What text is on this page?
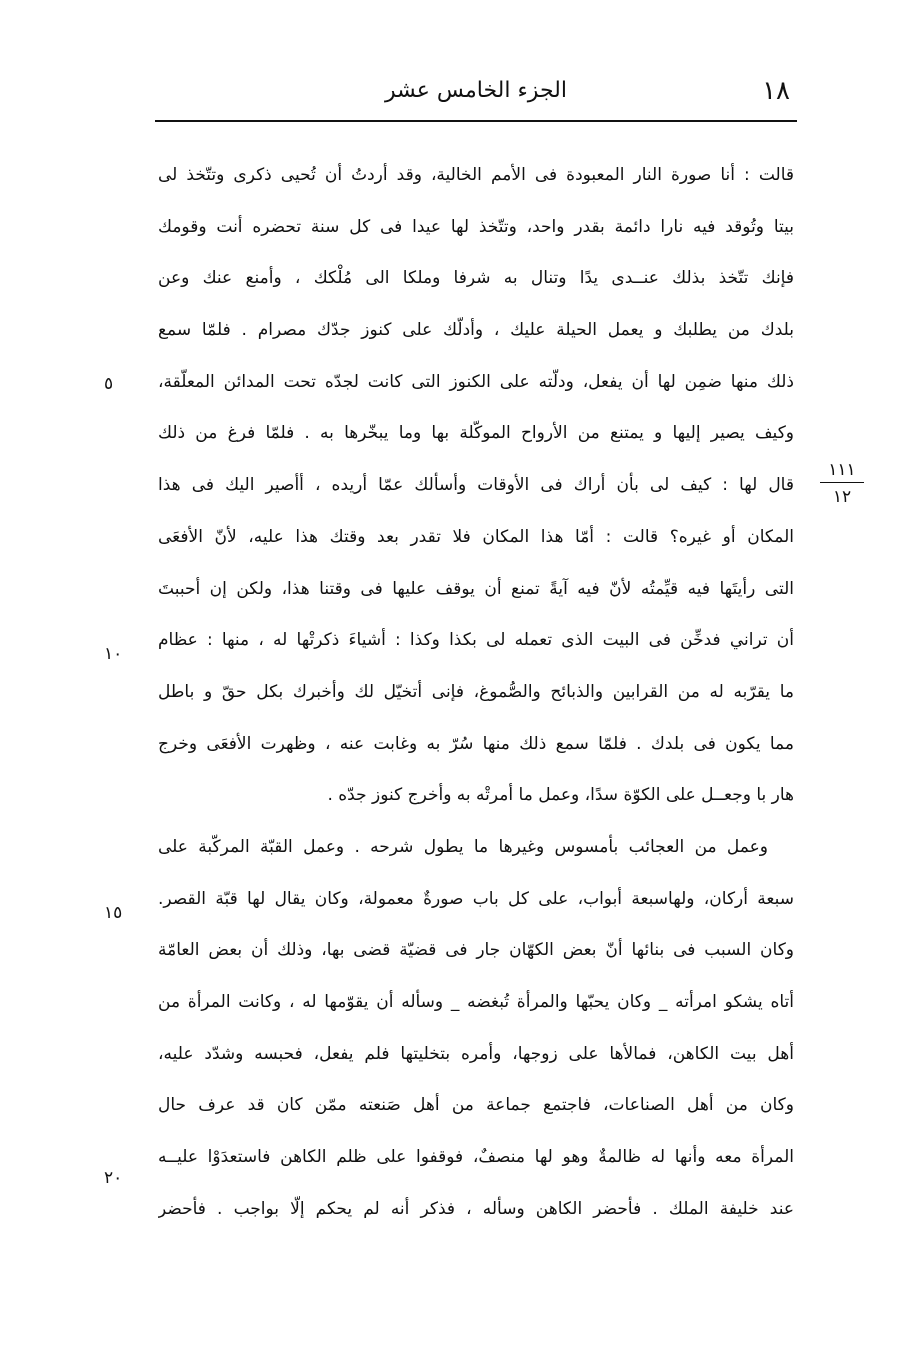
١٨
الجزء الخامس عشر
٥
١٠
١٥
٢٠
١١١
١٢
قالت : أنا صورة النار المعبودة فى الأمم الخالية، وقد أردتُ أن تُحيى ذكرى وتتّخذ لى
بيتا وتُوقد فيه نارا دائمة بقدر واحد، وتتّخذ لها عيدا فى كل سنة تحضره أنت وقومك
فإنك تتّخذ بذلك عنــدى يدًا وتنال به شرفا وملكا الى مُلْكك ، وأمنع عنك وعن
بلدك من يطلبك و يعمل الحيلة عليك ، وأدلّك على كنوز جدّك مصرام . فلمّا سمع
ذلك منها ضمِن لها أن يفعل، ودلّته على الكنوز التى كانت لجدّه تحت المدائن المعلّقة،
وكيف يصير إليها و يمتنع من الأرواح الموكّلة بها وما يبخّرها به . فلمّا فرغ من ذلك
قال لها : كيف لى بأن أراك فى الأوقات وأسألك عمّا أريده ، أأصير اليك فى هذا
المكان أو غيره؟ قالت : أمّا هذا المكان فلا تقدر بعد وقتك هذا عليه، لأنّ الأفعَى
التى رأيتَها فيه قيِّمتُه لأنّ فيه آيةً تمنع أن يوقف عليها فى وقتنا هذا، ولكن إن أحببتَ
أن تراني فدخِّن فى البيت الذى تعمله لى بكذا وكذا : أشياءَ ذكرتْها له ، منها : عظام
ما يقرّبه له من القرابين والذبائح والصُّموغ، فإنى أتخيّل لك وأخبرك بكل حقّ و باطل
مما يكون فى بلدك . فلمّا سمع ذلك منها سُرّ به وغابت عنه ، وظهرت الأفعَى وخرج
هار با وجعــل على الكوّة سدًا، وعمل ما أمرتْه به وأخرج كنوز جدّه .
وعمل من العجائب بأمسوس وغيرها ما يطول شرحه . وعمل القبّة المركّبة على
سبعة أركان، ولهاسبعة أبواب، على كل باب صورةٌ معمولة، وكان يقال لها قبّة القصر.
وكان السبب فى بنائها أنّ بعض الكهّان جار فى قضيّة قضى بها، وذلك أن بعض العامّة
أتاه يشكو امرأته _ وكان يحبّها والمرأة تُبغضه _ وسأله أن يقوّمها له ، وكانت المرأة من
أهل بيت الكاهن، فمالأها على زوجها، وأمره بتخليتها فلم يفعل، فحبسه وشدّد عليه،
وكان من أهل الصناعات، فاجتمع جماعة من أهل صَنعته ممّن كان قد عرف حال
المرأة معه وأنها له ظالمةٌ وهو لها منصفٌ، فوقفوا على ظلم الكاهن فاستعدَوْا عليــه
عند خليفة الملك . فأحضر الكاهن وسأله ، فذكر أنه لم يحكم إلّا بواجب . فأحضر
